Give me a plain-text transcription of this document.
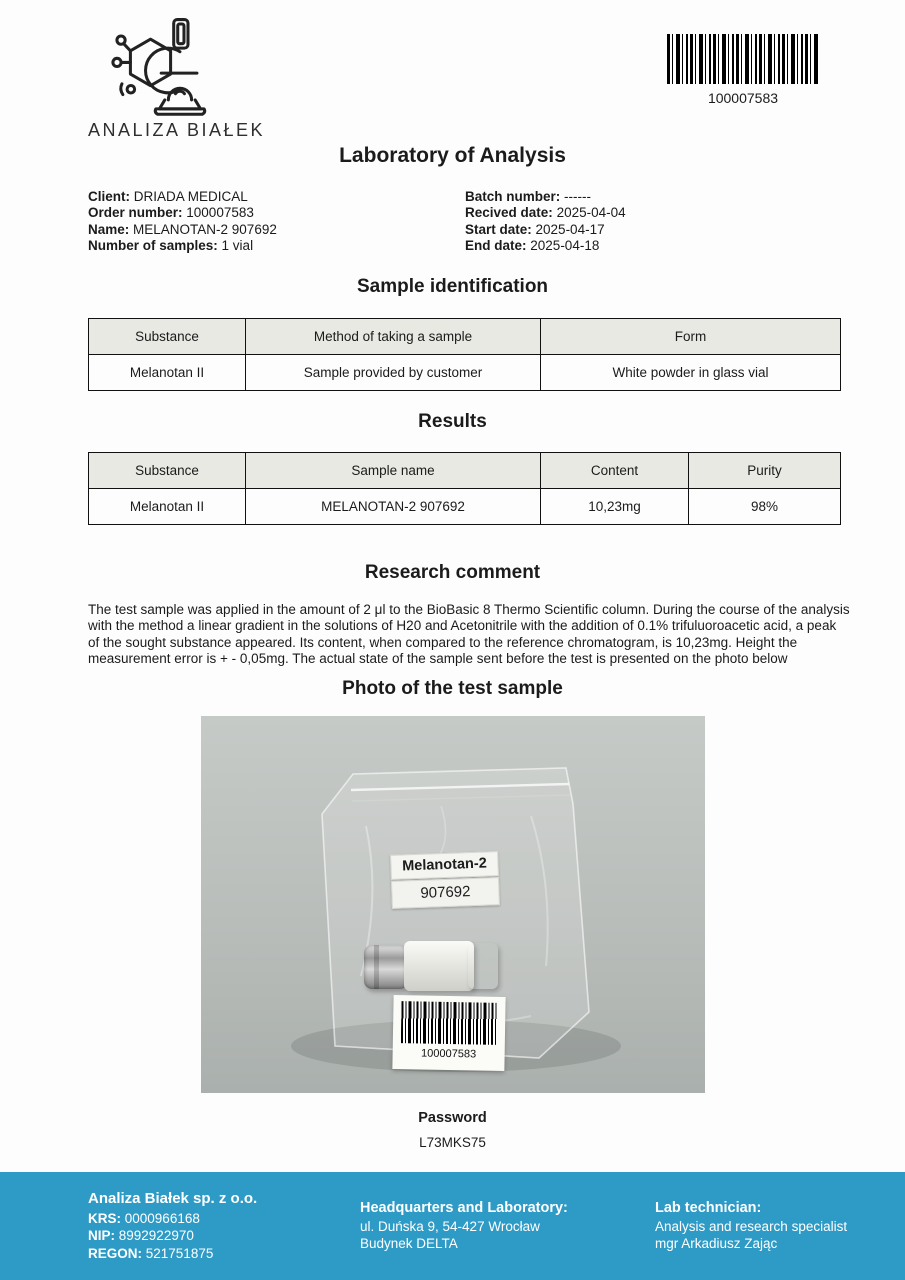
ANALIZA BIAŁEK
100007583
Laboratory of Analysis
Client: DRIADA MEDICAL
Order number: 100007583
Name: MELANOTAN-2 907692
Number of samples: 1 vial
Batch number: ------
Recived date: 2025-04-04
Start date: 2025-04-17
End date: 2025-04-18
Sample identification
Substance	Method of taking a sample	Form
Melanotan II	Sample provided by customer	White powder in glass vial
Results
Substance	Sample name	Content	Purity
Melanotan II	MELANOTAN-2 907692	10,23mg	98%
Research comment

The test sample was applied in the amount of 2 μl to the BioBasic 8 Thermo Scientific column. During the course of the analysis with the method a linear gradient in the solutions of H20 and Acetonitrile with the addition of 0.1% trifuluoroacetic acid, a peak of the sought substance appeared. Its content, when compared to the reference chromatogram, is 10,23mg. Height the measurement error is + - 0,05mg. The actual state of the sample sent before the test is presented on the photo below

Photo of the test sample
Melanotan-2
907692
100007583
Password
L73MKS75
Analiza Białek sp. z o.o.
KRS: 0000966168
NIP: 8992922970
REGON: 521751875
Headquarters and Laboratory:
ul. Duńska 9, 54-427 Wrocław
Budynek DELTA
Lab technician:
Analysis and research specialist
mgr Arkadiusz Zając
